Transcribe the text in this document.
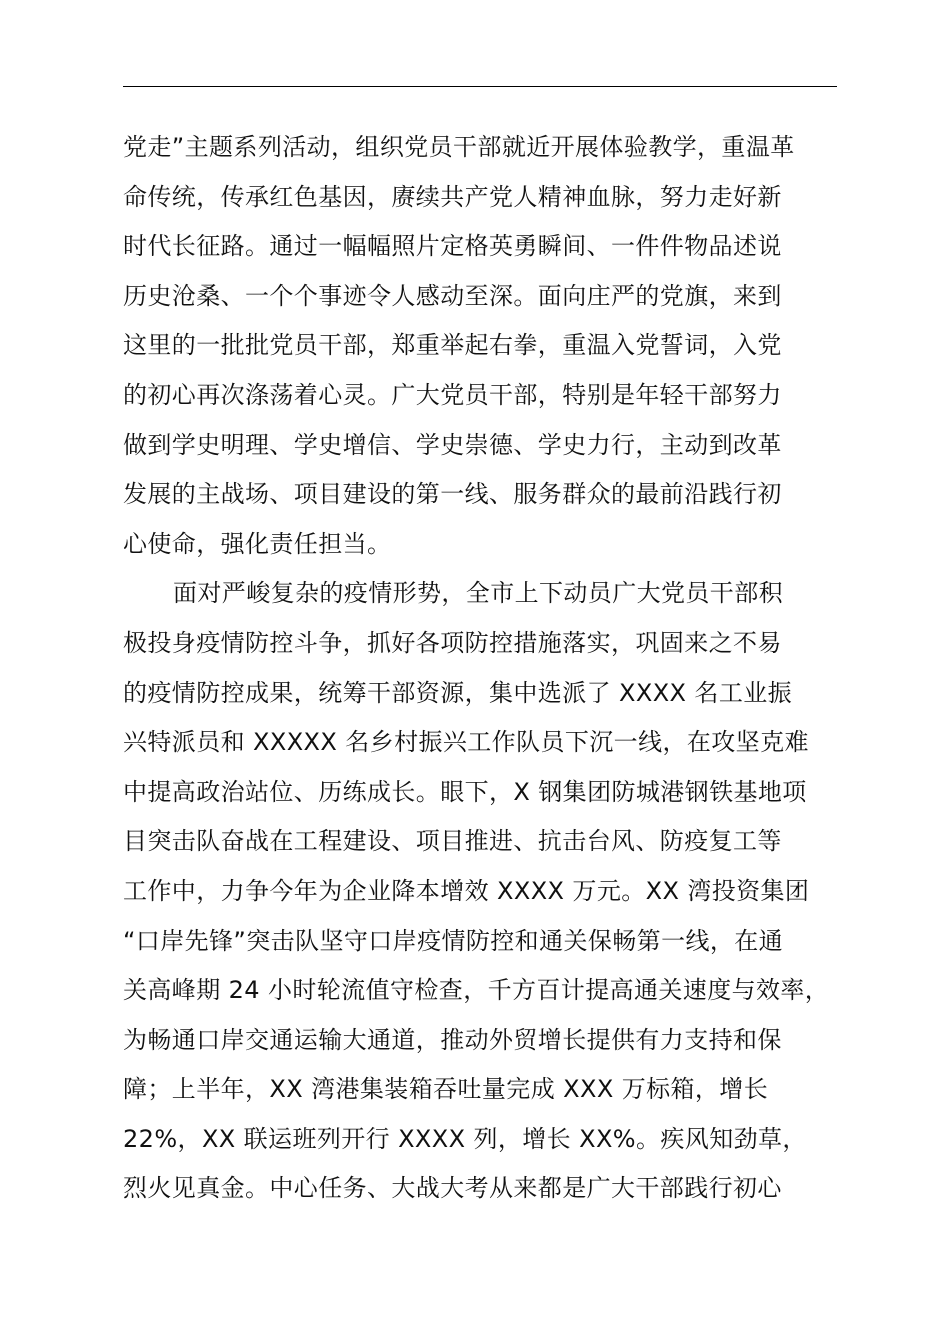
党走”主题系列活动，组织党员干部就近开展体验教学，重温革
命传统，传承红色基因，赓续共产党人精神血脉，努力走好新
时代长征路。通过一幅幅照片定格英勇瞬间、一件件物品述说
历史沧桑、一个个事迹令人感动至深。面向庄严的党旗，来到
这里的一批批党员干部，郑重举起右拳，重温入党誓词，入党
的初心再次涤荡着心灵。广大党员干部，特别是年轻干部努力
做到学史明理、学史增信、学史崇德、学史力行，主动到改革
发展的主战场、项目建设的第一线、服务群众的最前沿践行初
心使命，强化责任担当。
面对严峻复杂的疫情形势，全市上下动员广大党员干部积
极投身疫情防控斗争，抓好各项防控措施落实，巩固来之不易
的疫情防控成果，统筹干部资源，集中选派了 XXXX 名工业振
兴特派员和 XXXXX 名乡村振兴工作队员下沉一线，在攻坚克难
中提高政治站位、历练成长。眼下，X 钢集团防城港钢铁基地项
目突击队奋战在工程建设、项目推进、抗击台风、防疫复工等
工作中，力争今年为企业降本增效 XXXX 万元。XX 湾投资集团
“口岸先锋”突击队坚守口岸疫情防控和通关保畅第一线，在通
关高峰期 24 小时轮流值守检查，千方百计提高通关速度与效率，
为畅通口岸交通运输大通道，推动外贸增长提供有力支持和保
障；上半年，XX 湾港集装箱吞吐量完成 XXX 万标箱，增长
22%，XX 联运班列开行 XXXX 列，增长 XX%。疾风知劲草，
烈火见真金。中心任务、大战大考从来都是广大干部践行初心
